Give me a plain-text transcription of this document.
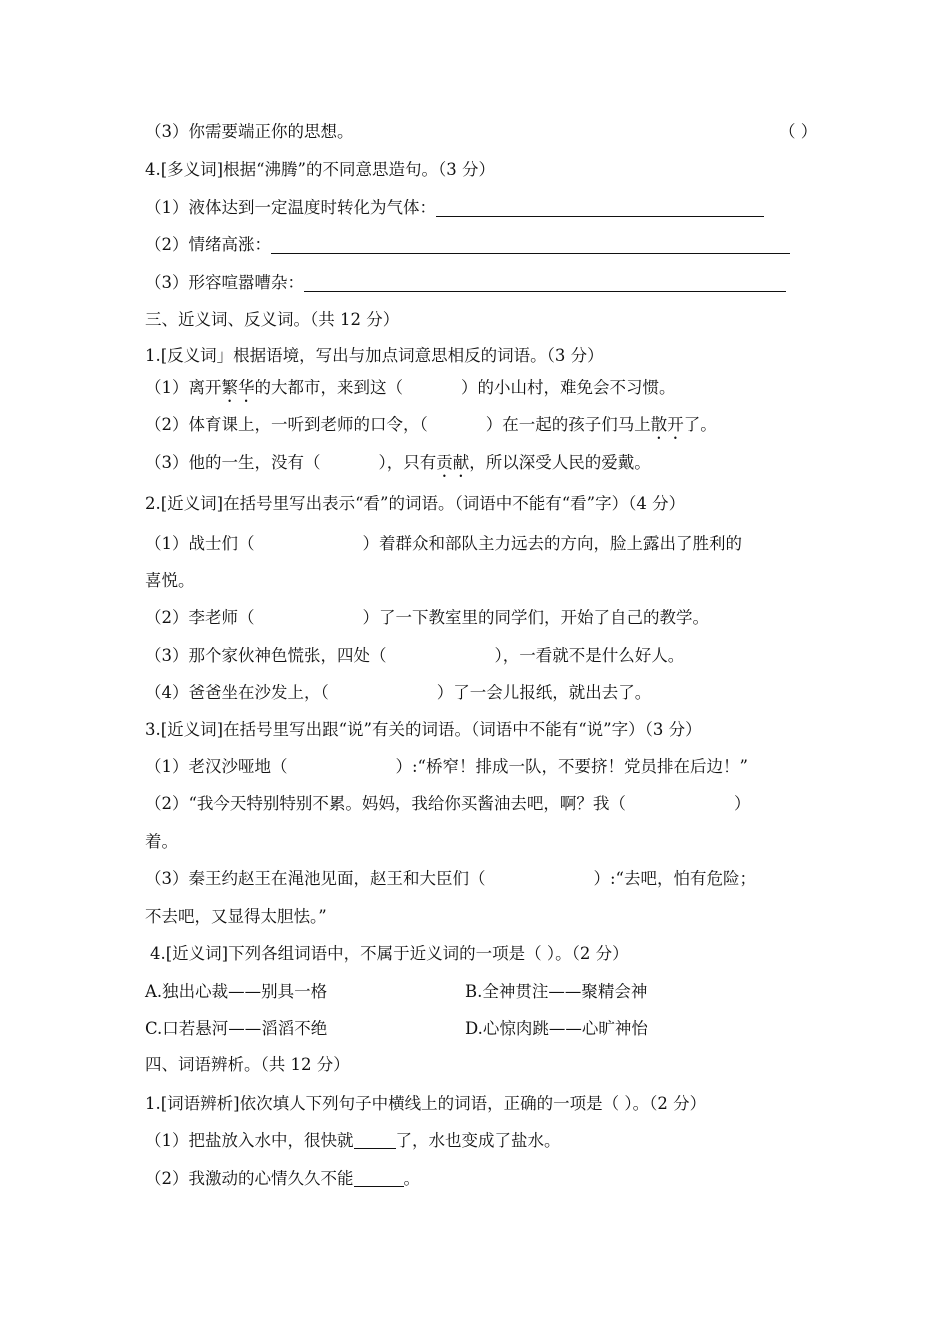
（3）你需要端正你的思想。	（ ）
4.[多义词]根据“沸腾”的不同意思造句。（3 分）
（1）液体达到一定温度时转化为气体：
（2）情绪高涨：
（3）形容喧嚣嘈杂：
三、近义词、反义词。（共 12 分）
1.[反义词」根据语境，写出与加点词意思相反的词语。（3 分）
（1）离开繁华的大都市，来到这（	）的小山村，难免会不习惯。
（2）体育课上，一听到老师的口令，（	）在一起的孩子们马上散开了。
（3）他的一生，没有（	），只有贡献，所以深受人民的爱戴。
2.[近义词]在括号里写出表示“看”的词语。（词语中不能有“看”字）（4 分）
（1）战士们（	）着群众和部队主力远去的方向，脸上露出了胜利的
喜悦。
（2）李老师（	）了一下教室里的同学们，开始了自己的教学。
（3）那个家伙神色慌张，四处（	），一看就不是什么好人。
（4）爸爸坐在沙发上，（	）了一会儿报纸，就出去了。
3.[近义词]在括号里写出跟“说”有关的词语。（词语中不能有“说”字）（3 分）
（1）老汉沙哑地（	）:“桥窄！排成一队，不要挤！党员排在后边！”
（2）“我今天特别特别不累。妈妈，我给你买酱油去吧，啊？我（	）
着。
（3）秦王约赵王在渑池见面，赵王和大臣们（	）:“去吧，怕有危险；
不去吧，又显得太胆怯。”
4.[近义词]下列各组词语中，不属于近义词的一项是（ ）。（2 分）
A.独出心裁——别具一格	B.全神贯注——聚精会神
C.口若悬河——滔滔不绝	D.心惊肉跳——心旷神怡
四、词语辨析。（共 12 分）
1.[词语辨析]依次填人下列句子中横线上的词语，正确的一项是（ ）。（2 分）
（1）把盐放入水中，很快就	了，水也变成了盐水。
（2）我激动的心情久久不能	。
